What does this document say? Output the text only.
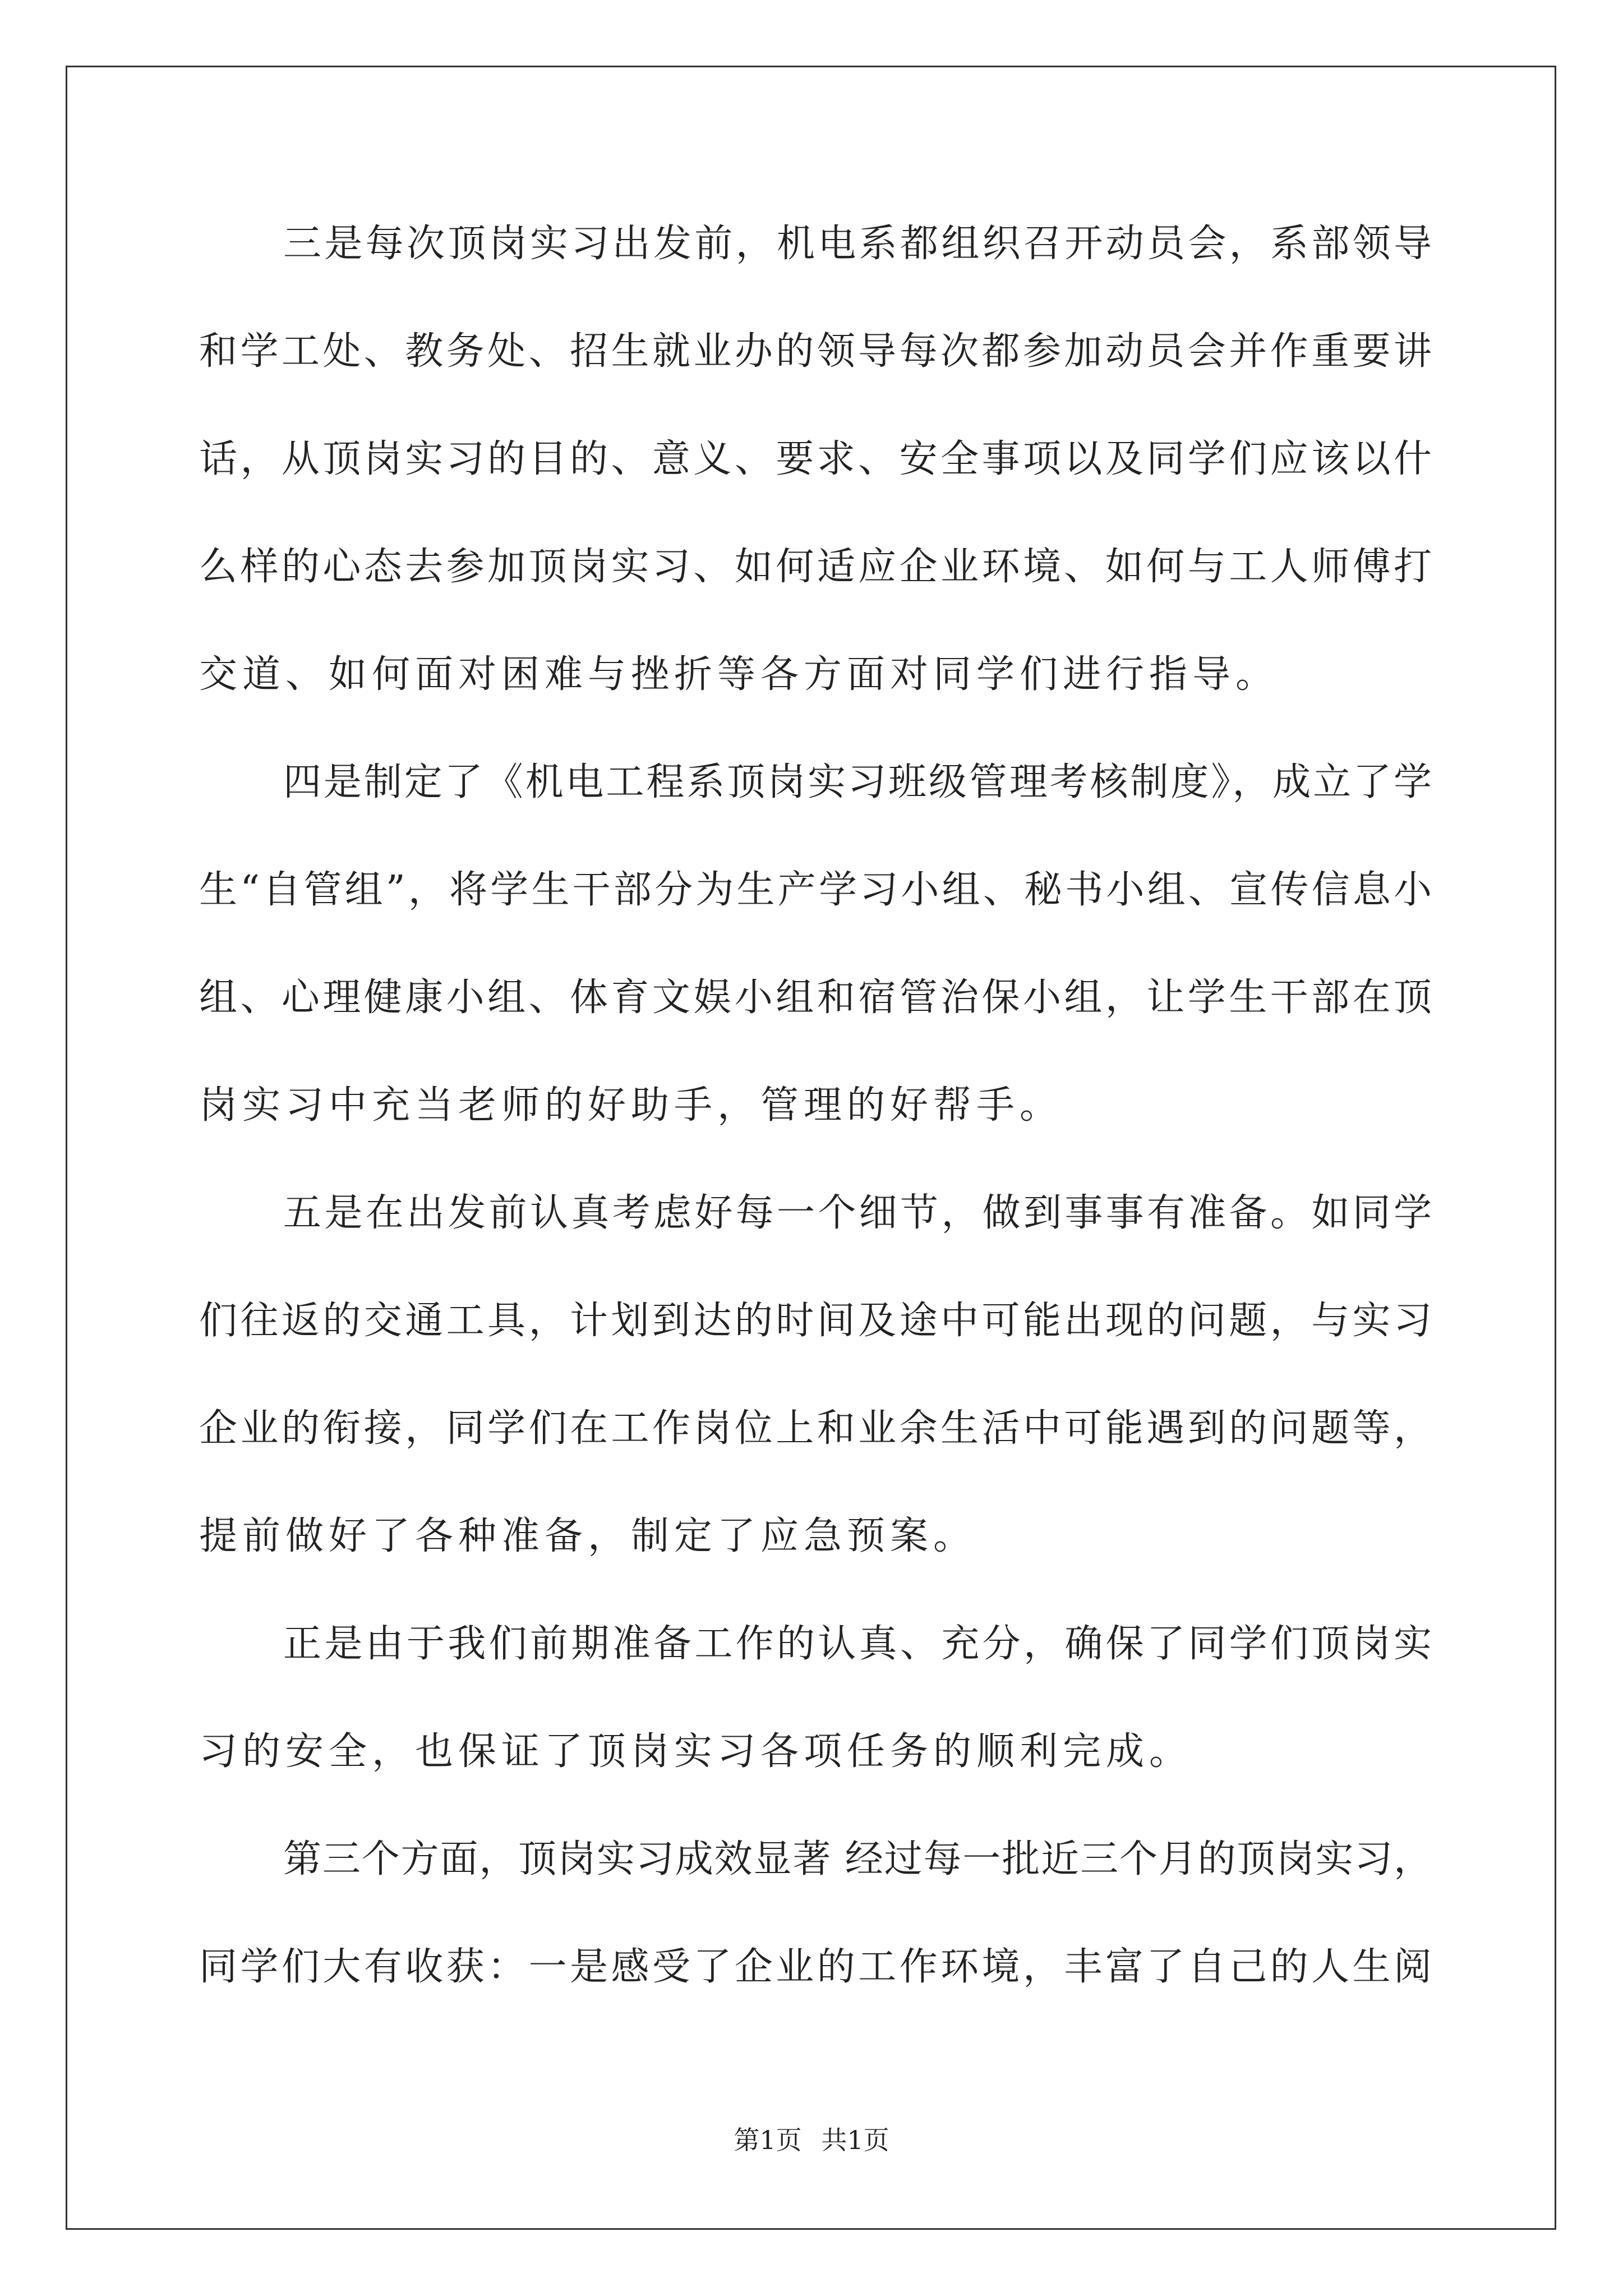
三是每次顶岗实习出发前，机电系都组织召开动员会，系部领导
和学工处、教务处、招生就业办的领导每次都参加动员会并作重要讲
话，从顶岗实习的目的、意义、要求、安全事项以及同学们应该以什
么样的心态去参加顶岗实习、如何适应企业环境、如何与工人师傅打
交道、如何面对困难与挫折等各方面对同学们进行指导。
四是制定了《机电工程系顶岗实习班级管理考核制度》，成立了学
生“自管组”，将学生干部分为生产学习小组、秘书小组、宣传信息小
组、心理健康小组、体育文娱小组和宿管治保小组，让学生干部在顶
岗实习中充当老师的好助手，管理的好帮手。
五是在出发前认真考虑好每一个细节，做到事事有准备。如同学
们往返的交通工具，计划到达的时间及途中可能出现的问题，与实习
企业的衔接，同学们在工作岗位上和业余生活中可能遇到的问题等，
提前做好了各种准备，制定了应急预案。
正是由于我们前期准备工作的认真、充分，确保了同学们顶岗实
习的安全，也保证了顶岗实习各项任务的顺利完成。
第三个方面，顶岗实习成效显著 经过每一批近三个月的顶岗实习，
同学们大有收获：一是感受了企业的工作环境，丰富了自己的人生阅
第1页 共1页
